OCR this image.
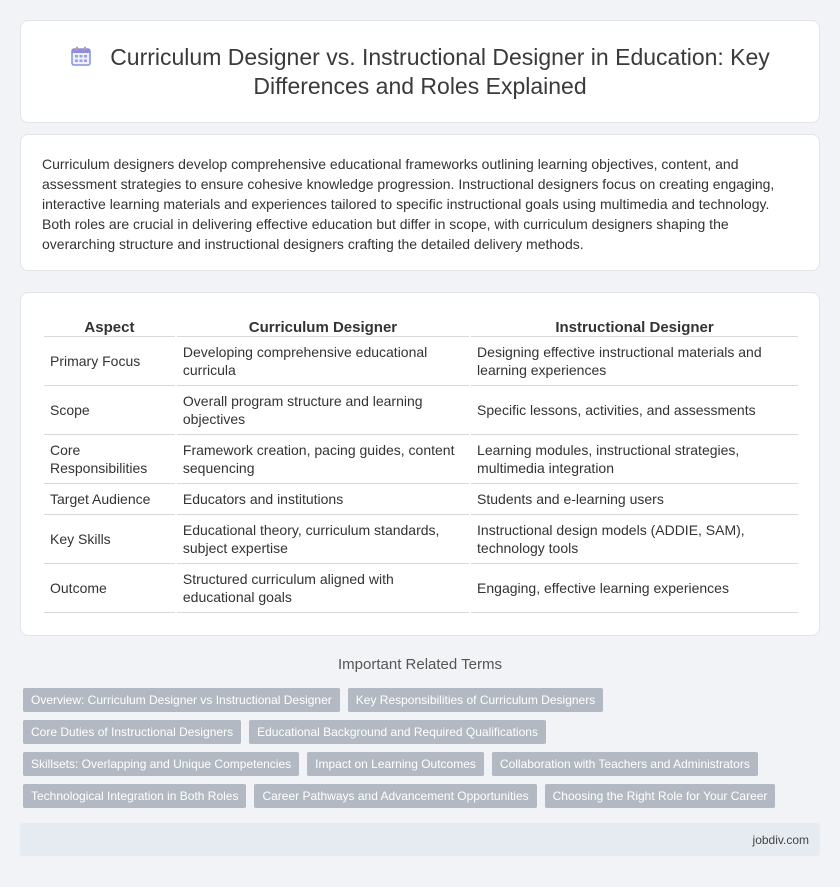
Curriculum Designer vs. Instructional Designer in Education: Key Differences and Roles Explained

Curriculum designers develop comprehensive educational frameworks outlining learning objectives, content, and assessment strategies to ensure cohesive knowledge progression. Instructional designers focus on creating engaging, interactive learning materials and experiences tailored to specific instructional goals using multimedia and technology. Both roles are crucial in delivering effective education but differ in scope, with curriculum designers shaping the overarching structure and instructional designers crafting the detailed delivery methods.

Aspect	Curriculum Designer	Instructional Designer
Primary Focus	Developing comprehensive educational curricula	Designing effective instructional materials and learning experiences
Scope	Overall program structure and learning objectives	Specific lessons, activities, and assessments
Core Responsibilities	Framework creation, pacing guides, content sequencing	Learning modules, instructional strategies, multimedia integration
Target Audience	Educators and institutions	Students and e-learning users
Key Skills	Educational theory, curriculum standards, subject expertise	Instructional design models (ADDIE, SAM), technology tools
Outcome	Structured curriculum aligned with educational goals	Engaging, effective learning experiences
Important Related Terms
Overview: Curriculum Designer vs Instructional Designer	Key Responsibilities of Curriculum Designers
Core Duties of Instructional Designers	Educational Background and Required Qualifications
Skillsets: Overlapping and Unique Competencies	Impact on Learning Outcomes	Collaboration with Teachers and Administrators
Technological Integration in Both Roles	Career Pathways and Advancement Opportunities	Choosing the Right Role for Your Career
jobdiv.com
